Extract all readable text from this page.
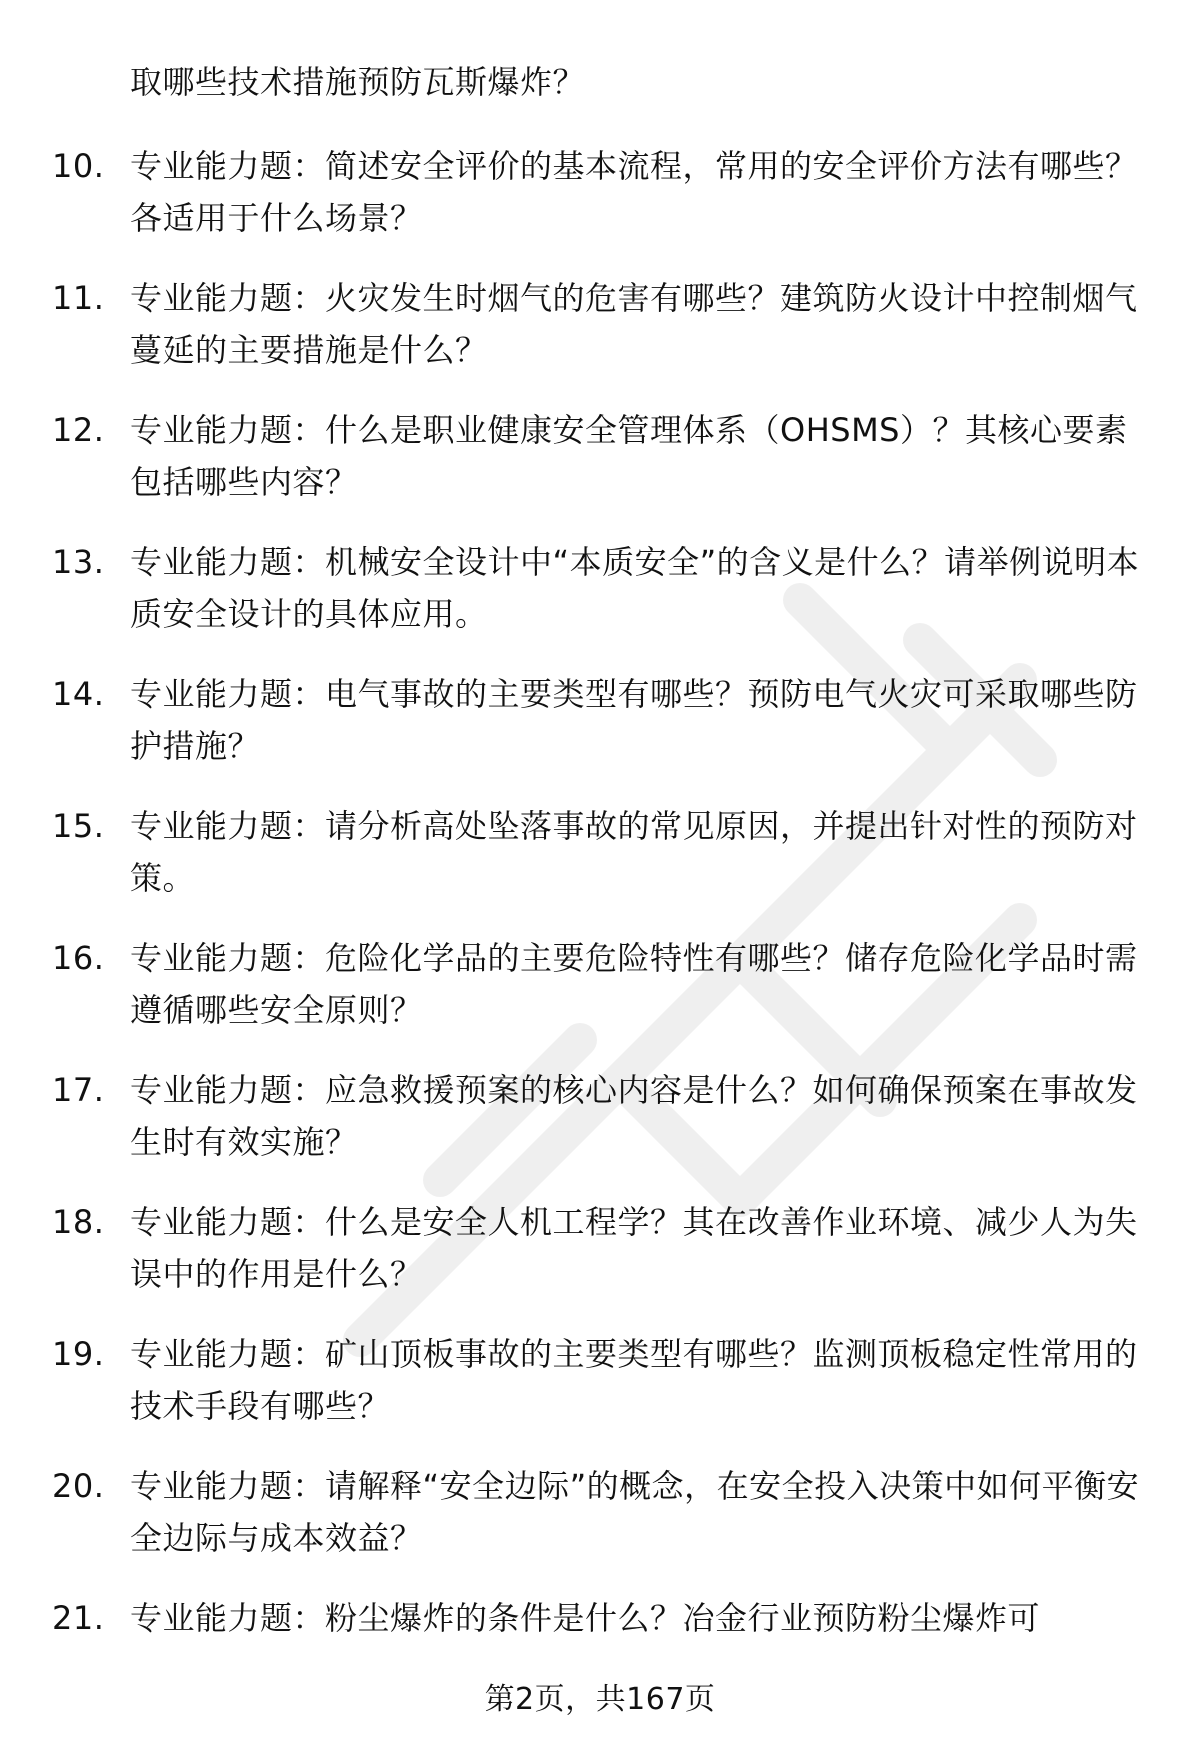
取哪些技术措施预防瓦斯爆炸？
10. 专业能力题：简述安全评价的基本流程，常用的安全评价方法有哪些？各适用于什么场景？
11. 专业能力题：火灾发生时烟气的危害有哪些？建筑防火设计中控制烟气蔓延的主要措施是什么？
12. 专业能力题：什么是职业健康安全管理体系（OHSMS）？其核心要素包括哪些内容？
13. 专业能力题：机械安全设计中“本质安全”的含义是什么？请举例说明本质安全设计的具体应用。
14. 专业能力题：电气事故的主要类型有哪些？预防电气火灾可采取哪些防护措施？
15. 专业能力题：请分析高处坠落事故的常见原因，并提出针对性的预防对策。
16. 专业能力题：危险化学品的主要危险特性有哪些？储存危险化学品时需遵循哪些安全原则？
17. 专业能力题：应急救援预案的核心内容是什么？如何确保预案在事故发生时有效实施？
18. 专业能力题：什么是安全人机工程学？其在改善作业环境、减少人为失误中的作用是什么？
19. 专业能力题：矿山顶板事故的主要类型有哪些？监测顶板稳定性常用的技术手段有哪些？
20. 专业能力题：请解释“安全边际”的概念，在安全投入决策中如何平衡安全边际与成本效益？
21. 专业能力题：粉尘爆炸的条件是什么？冶金行业预防粉尘爆炸可
第2页，共167页
